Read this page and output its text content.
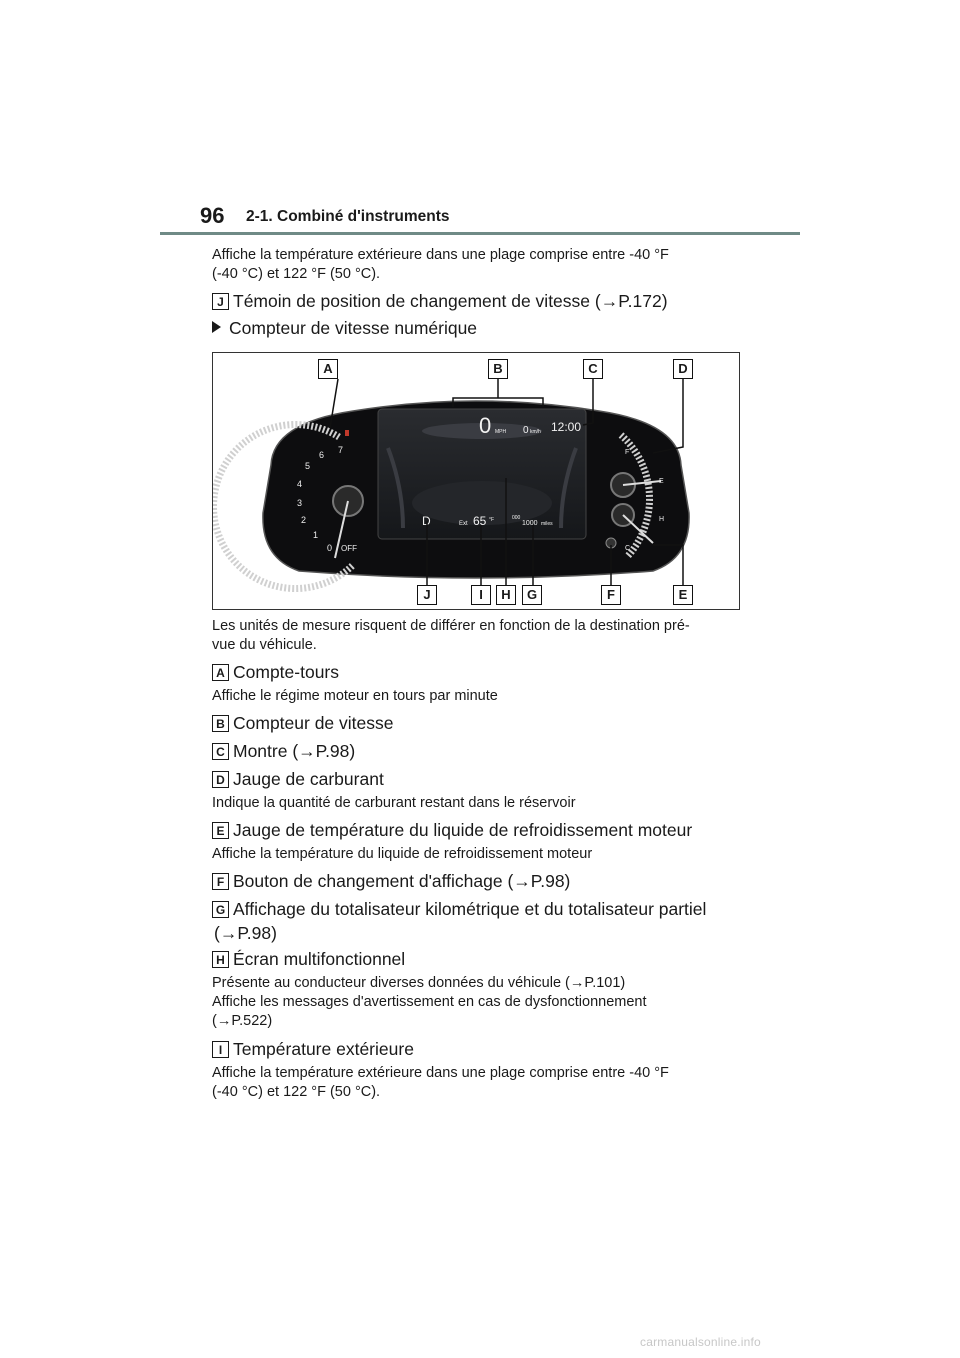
96 2-1. Combiné d'instruments
Affiche la température extérieure dans une plage comprise entre -40 °F
(-40 °C) et 122 °F (50 °C).
J Témoin de position de changement de vitesse (→P.172)
Compteur de vitesse numérique
0
1
2
3
4
5
6 7
OFF
F
E
H
C
0 MPH 0 km/h 12:00
D	Ext 65 °F	000
1000 miles
A	B	C	D
J	I	H	G	F	E
Les unités de mesure risquent de différer en fonction de la destination pré-
vue du véhicule.
A Compte-tours
Affiche le régime moteur en tours par minute
B Compteur de vitesse
C Montre (→P.98)
D Jauge de carburant
Indique la quantité de carburant restant dans le réservoir
E Jauge de température du liquide de refroidissement moteur
Affiche la température du liquide de refroidissement moteur
F Bouton de changement d'affichage (→P.98)
G Affichage du totalisateur kilométrique et du totalisateur partiel
(→P.98)
H Écran multifonctionnel
Présente au conducteur diverses données du véhicule (→P.101)
Affiche les messages d'avertissement en cas de dysfonctionnement
(→P.522)
I Température extérieure
Affiche la température extérieure dans une plage comprise entre -40 °F
(-40 °C) et 122 °F (50 °C).
carmanualsonline.info
